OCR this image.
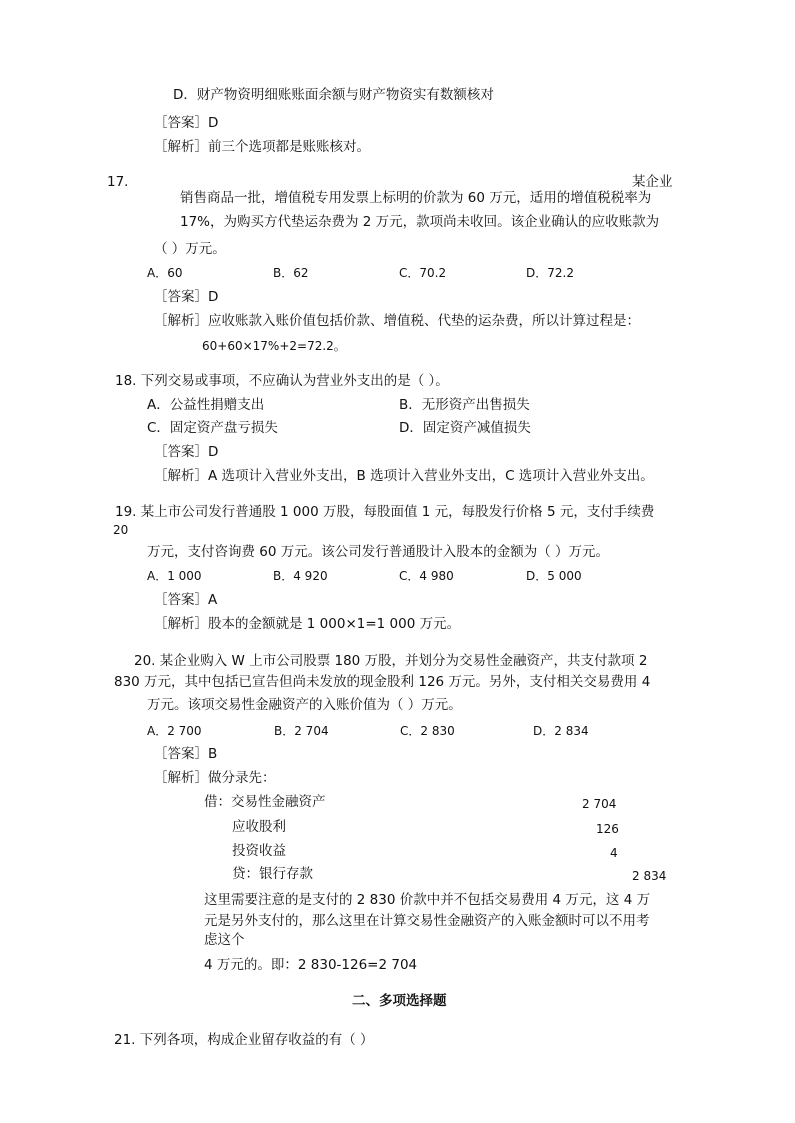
D．财产物资明细账账面余额与财产物资实有数额核对
［答案］D
［解析］前三个选项都是账账核对。
17.	某企业
销售商品一批，增值税专用发票上标明的价款为 60 万元，适用的增值税税率为
17%，为购买方代垫运杂费为 2 万元，款项尚未收回。该企业确认的应收账款为
（ ）万元。
A．60	B．62	C．70.2	D．72.2
［答案］D
［解析］应收账款入账价值包括价款、增值税、代垫的运杂费，所以计算过程是：
60+60×17%+2=72.2。
18. 下列交易或事项，不应确认为营业外支出的是（ ）。
A．公益性捐赠支出	B．无形资产出售损失
C．固定资产盘亏损失	D．固定资产减值损失
［答案］D
［解析］A 选项计入营业外支出，B 选项计入营业外支出，C 选项计入营业外支出。
19. 某上市公司发行普通股 1 000 万股，每股面值 1 元，每股发行价格 5 元，支付手续费
20
万元，支付咨询费 60 万元。该公司发行普通股计入股本的金额为（ ）万元。
A．1 000	B．4 920	C．4 980	D．5 000
［答案］A
［解析］股本的金额就是 1 000×1=1 000 万元。
20. 某企业购入 W 上市公司股票 180 万股，并划分为交易性金融资产，共支付款项 2
830 万元，其中包括已宣告但尚未发放的现金股利 126 万元。另外，支付相关交易费用 4
万元。该项交易性金融资产的入账价值为（ ）万元。
A．2 700	B．2 704	C．2 830	D．2 834
［答案］B
［解析］做分录先：
借：交易性金融资产	2 704
应收股利	126
投资收益	4
贷：银行存款	2 834
这里需要注意的是支付的 2 830 价款中并不包括交易费用 4 万元，这 4 万
元是另外支付的，那么这里在计算交易性金融资产的入账金额时可以不用考
虑这个
4 万元的。即：2 830-126=2 704
二、多项选择题
21. 下列各项，构成企业留存收益的有（ ）
